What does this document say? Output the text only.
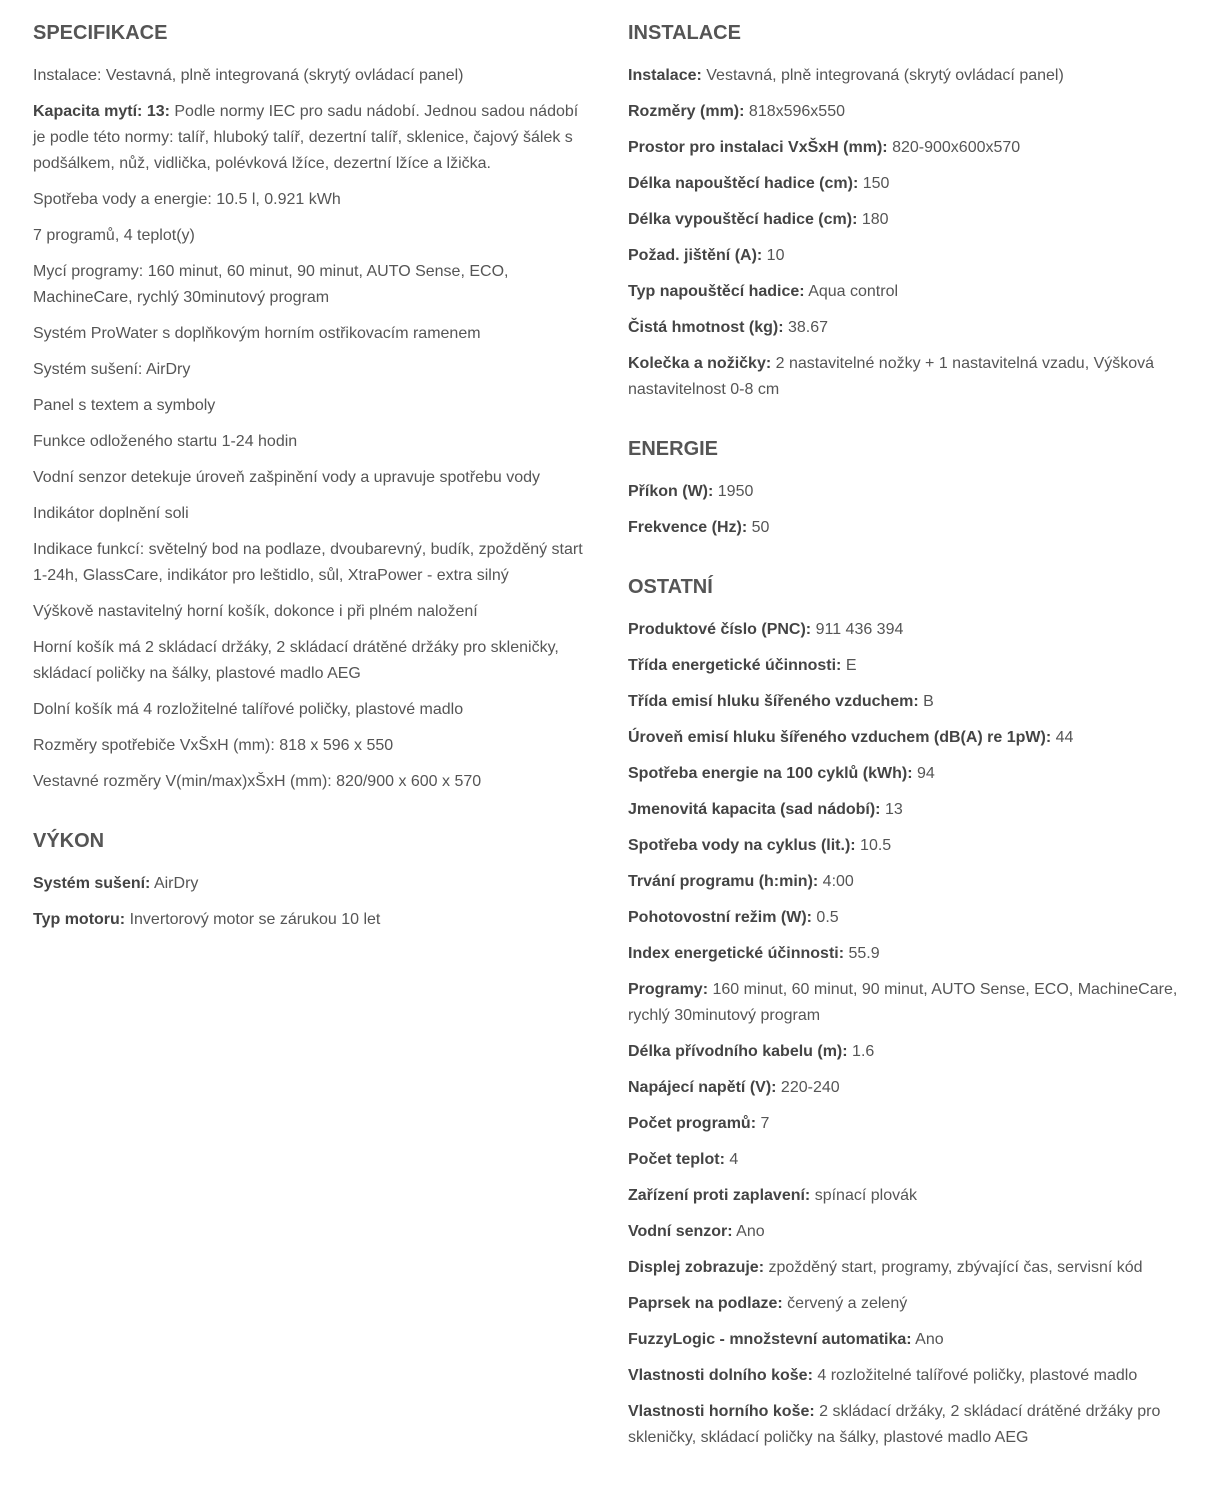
SPECIFIKACE

Instalace: Vestavná, plně integrovaná (skrytý ovládací panel)

Kapacita mytí: 13: Podle normy IEC pro sadu nádobí. Jednou sadou nádobí je podle této normy: talíř, hluboký talíř, dezertní talíř, sklenice, čajový šálek s podšálkem, nůž, vidlička, polévková lžíce, dezertní lžíce a lžička.

Spotřeba vody a energie: 10.5 l, 0.921 kWh

7 programů, 4 teplot(y)

Mycí programy: 160 minut, 60 minut, 90 minut, AUTO Sense, ECO, MachineCare, rychlý 30minutový program

Systém ProWater s doplňkovým horním ostřikovacím ramenem

Systém sušení: AirDry

Panel s textem a symboly

Funkce odloženého startu 1-24 hodin

Vodní senzor detekuje úroveň zašpinění vody a upravuje spotřebu vody

Indikátor doplnění soli

Indikace funkcí: světelný bod na podlaze, dvoubarevný, budík, zpožděný start 1-24h, GlassCare, indikátor pro leštidlo, sůl, XtraPower - extra silný

Výškově nastavitelný horní košík, dokonce i při plném naložení

Horní košík má 2 skládací držáky, 2 skládací drátěné držáky pro skleničky, skládací poličky na šálky, plastové madlo AEG

Dolní košík má 4 rozložitelné talířové poličky, plastové madlo

Rozměry spotřebiče VxŠxH (mm): 818 x 596 x 550

Vestavné rozměry V(min/max)xŠxH (mm): 820/900 x 600 x 570

VÝKON

Systém sušení: AirDry

Typ motoru: Invertorový motor se zárukou 10 let

INSTALACE

Instalace: Vestavná, plně integrovaná (skrytý ovládací panel)

Rozměry (mm): 818x596x550

Prostor pro instalaci VxŠxH (mm): 820-900x600x570

Délka napouštěcí hadice (cm): 150

Délka vypouštěcí hadice (cm): 180

Požad. jištění (A): 10

Typ napouštěcí hadice: Aqua control

Čistá hmotnost (kg): 38.67

Kolečka a nožičky: 2 nastavitelné nožky + 1 nastavitelná vzadu, Výšková nastavitelnost 0-8 cm

ENERGIE

Příkon (W): 1950

Frekvence (Hz): 50

OSTATNÍ

Produktové číslo (PNC): 911 436 394

Třída energetické účinnosti: E

Třída emisí hluku šířeného vzduchem: B

Úroveň emisí hluku šířeného vzduchem (dB(A) re 1pW): 44

Spotřeba energie na 100 cyklů (kWh): 94

Jmenovitá kapacita (sad nádobí): 13

Spotřeba vody na cyklus (lit.): 10.5

Trvání programu (h:min): 4:00

Pohotovostní režim (W): 0.5

Index energetické účinnosti: 55.9

Programy: 160 minut, 60 minut, 90 minut, AUTO Sense, ECO, MachineCare, rychlý 30minutový program

Délka přívodního kabelu (m): 1.6

Napájecí napětí (V): 220-240

Počet programů: 7

Počet teplot: 4

Zařízení proti zaplavení: spínací plovák

Vodní senzor: Ano

Displej zobrazuje: zpožděný start, programy, zbývající čas, servisní kód

Paprsek na podlaze: červený a zelený

FuzzyLogic - množstevní automatika: Ano

Vlastnosti dolního koše: 4 rozložitelné talířové poličky, plastové madlo

Vlastnosti horního koše: 2 skládací držáky, 2 skládací drátěné držáky pro skleničky, skládací poličky na šálky, plastové madlo AEG
